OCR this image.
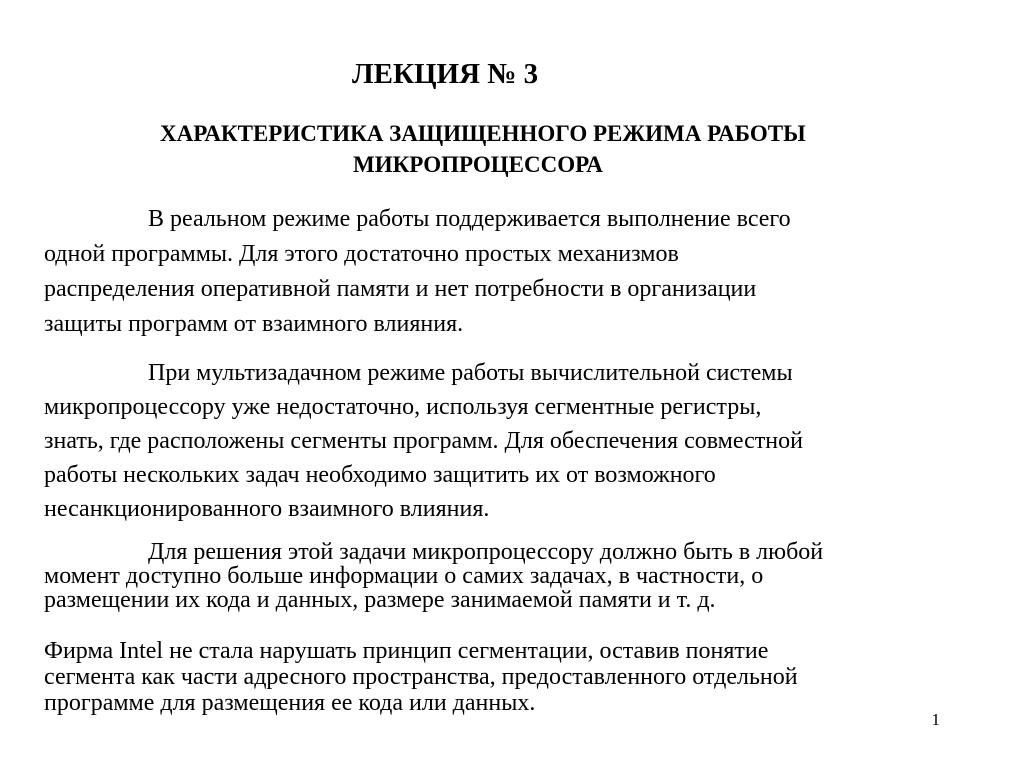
ЛЕКЦИЯ № 3
ХАРАКТЕРИСТИКА ЗАЩИЩЕННОГО РЕЖИМА РАБОТЫ
МИКРОПРОЦЕССОРА

В реальном режиме работы поддерживается выполнение всего
одной программы. Для этого достаточно простых механизмов
распределения оперативной памяти и нет потребности в организации
защиты программ от взаимного влияния.

При мультизадачном режиме работы вычислительной системы
микропроцессору уже недостаточно, используя сегментные регистры,
знать, где расположены сегменты программ. Для обеспечения совместной
работы нескольких задач необходимо защитить их от возможного
несанкционированного взаимного влияния.

Для решения этой задачи микропроцессору должно быть в любой
момент доступно больше информации о самих задачах, в частности, о
размещении их кода и данных, размере занимаемой памяти и т. д.

Фирма Intel не стала нарушать принцип сегментации, оставив понятие
сегмента как части адресного пространства, предоставленного отдельной
программе для размещения ее кода или данных.

1
